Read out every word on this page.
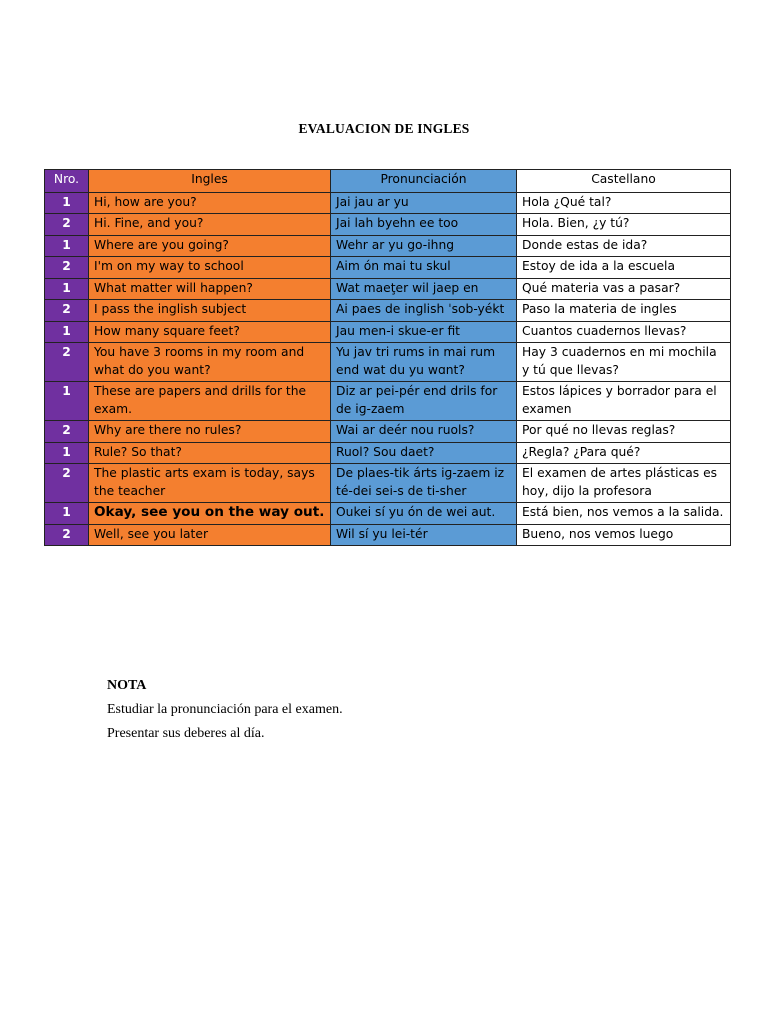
EVALUACION DE INGLES
Nro.	Ingles	Pronunciación	Castellano
1	Hi, how are you?	Jai jau ar yu	Hola ¿Qué tal?
2	Hi. Fine, and you?	Jai lah byehn ee too	Hola. Bien, ¿y tú?
1	Where are you going?	Wehr ar yu go-ihng	Donde estas de ida?
2	I'm on my way to school	Aim ón mai tu skul	Estoy de ida a la escuela
1	What matter will happen?	Wat maeţer wil jaep en	Qué materia vas a pasar?
2	I pass the inglish subject	Ai paes de inɡlish ˈsob-yékt	Paso la materia de ingles
1	How many square feet?	Jau men-i skue-er fit	Cuantos cuadernos llevas?
2	You have 3 rooms in my room and what do you want?	Yu jav tri rums in mai rum end wat du yu wɑnt?	Hay 3 cuadernos en mi mochila y tú que llevas?
1	These are papers and drills for the exam.	Diz ar pei-pér end drils for de iɡ-zaem	Estos lápices y borrador para el examen
2	Why are there no rules?	Wai ar deér nou ruols?	Por qué no llevas reglas?
1	Rule? So that?	Ruol? Sou daet?	¿Regla? ¿Para qué?
2	The plastic arts exam is today, says the teacher	De plaes-tik árts iɡ-zaem iz té-dei sei-s de ti-sher	El examen de artes plásticas es hoy, dijo la profesora
1	Okay, see you on the way out.	Oukei sí yu ón de wei aut.	Está bien, nos vemos a la salida.
2	Well, see you later	Wil sí yu lei-tér	Bueno, nos vemos luego
NOTA
Estudiar la pronunciación para el examen.
Presentar sus deberes al día.
